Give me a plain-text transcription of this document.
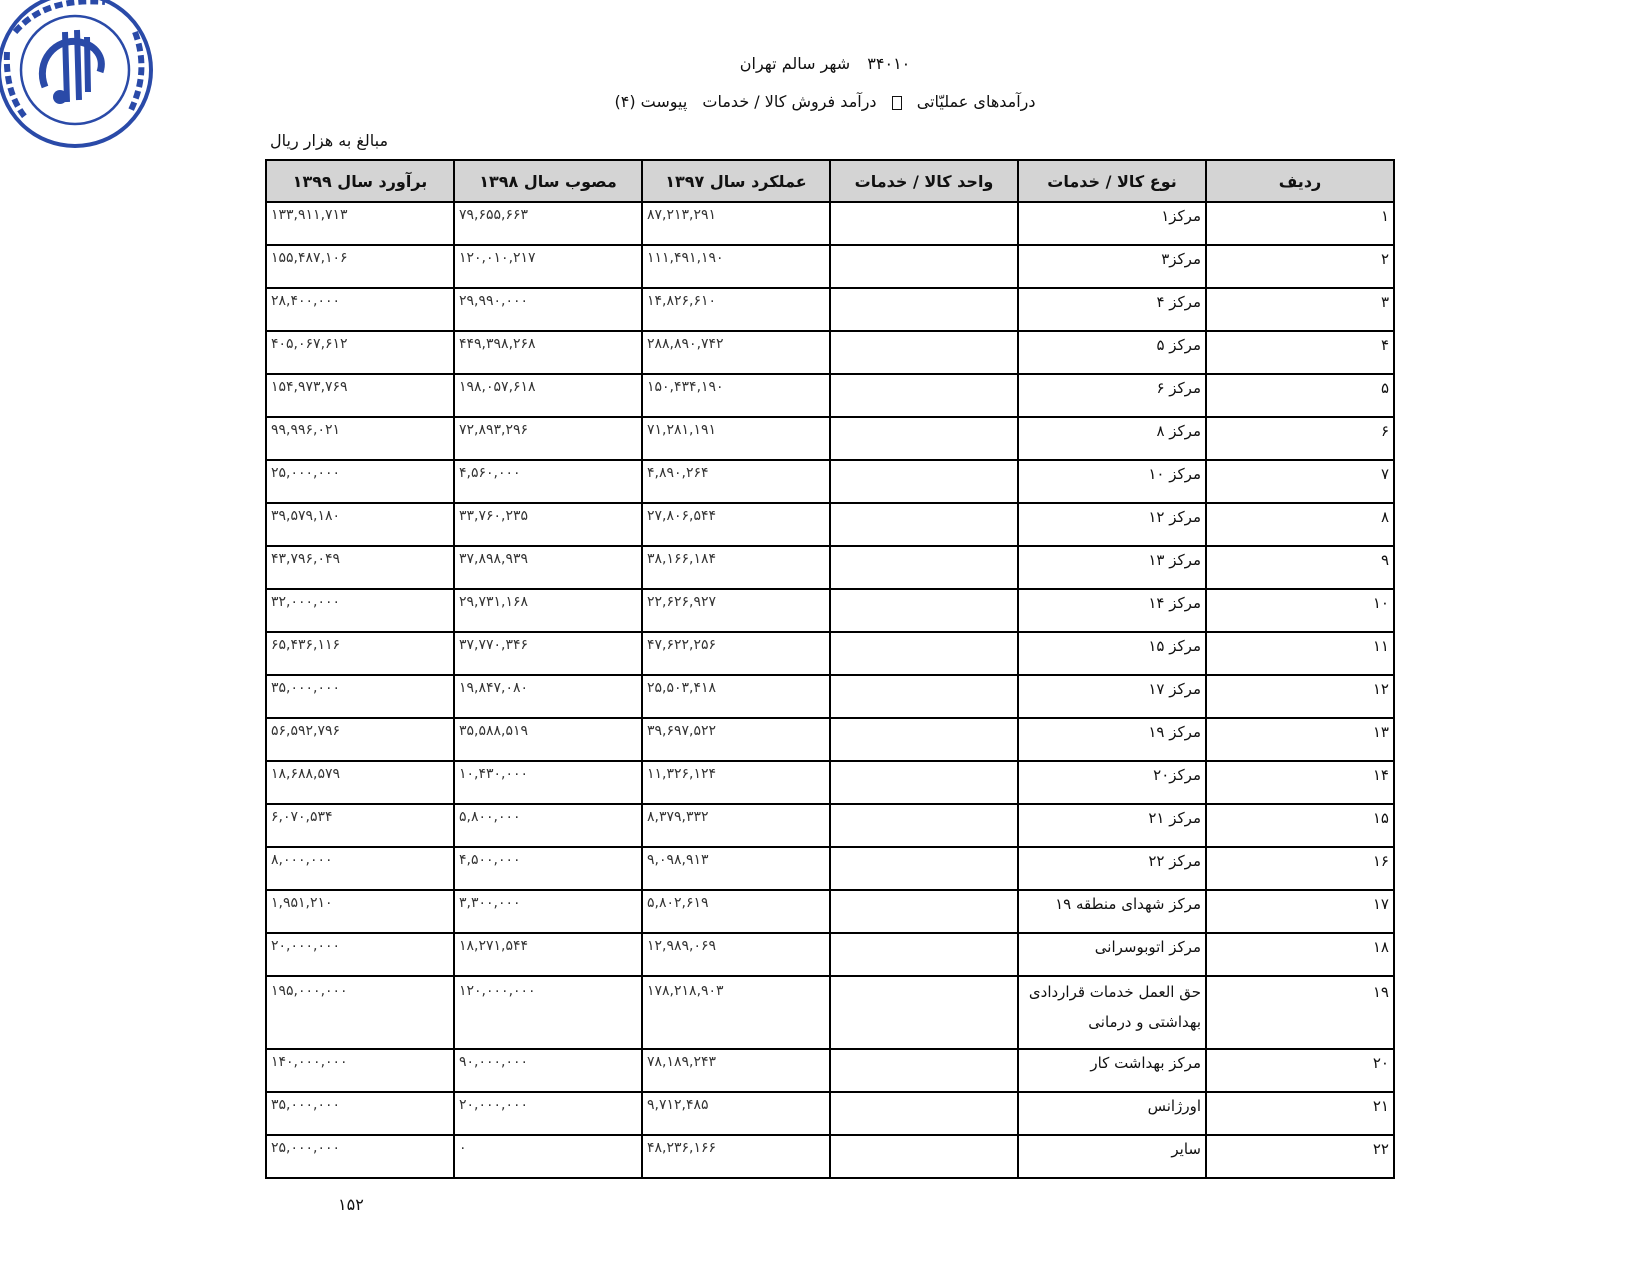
۳۴۰۱۰ شهر سالم تهران
درآمدهای عملیّاتی  درآمد فروش کالا / خدمات پیوست (۴)
مبالغ به هزار ریال
ردیف	نوع کالا / خدمات	واحد کالا / خدمات	عملکرد سال ۱۳۹۷	مصوب سال ۱۳۹۸	برآورد سال ۱۳۹۹
۱	مرکز۱		۸۷,۲۱۳,۲۹۱	۷۹,۶۵۵,۶۶۳	۱۳۳,۹۱۱,۷۱۳
۲	مرکز۳		۱۱۱,۴۹۱,۱۹۰	۱۲۰,۰۱۰,۲۱۷	۱۵۵,۴۸۷,۱۰۶
۳	مرکز ۴		۱۴,۸۲۶,۶۱۰	۲۹,۹۹۰,۰۰۰	۲۸,۴۰۰,۰۰۰
۴	مرکز ۵		۲۸۸,۸۹۰,۷۴۲	۴۴۹,۳۹۸,۲۶۸	۴۰۵,۰۶۷,۶۱۲
۵	مرکز ۶		۱۵۰,۴۳۴,۱۹۰	۱۹۸,۰۵۷,۶۱۸	۱۵۴,۹۷۳,۷۶۹
۶	مرکز ۸		۷۱,۲۸۱,۱۹۱	۷۲,۸۹۳,۲۹۶	۹۹,۹۹۶,۰۲۱
۷	مرکز ۱۰		۴,۸۹۰,۲۶۴	۴,۵۶۰,۰۰۰	۲۵,۰۰۰,۰۰۰
۸	مرکز ۱۲		۲۷,۸۰۶,۵۴۴	۳۳,۷۶۰,۲۳۵	۳۹,۵۷۹,۱۸۰
۹	مرکز ۱۳		۳۸,۱۶۶,۱۸۴	۳۷,۸۹۸,۹۳۹	۴۳,۷۹۶,۰۴۹
۱۰	مرکز ۱۴		۲۲,۶۲۶,۹۲۷	۲۹,۷۳۱,۱۶۸	۳۲,۰۰۰,۰۰۰
۱۱	مرکز ۱۵		۴۷,۶۲۲,۲۵۶	۳۷,۷۷۰,۳۴۶	۶۵,۴۳۶,۱۱۶
۱۲	مرکز ۱۷		۲۵,۵۰۳,۴۱۸	۱۹,۸۴۷,۰۸۰	۳۵,۰۰۰,۰۰۰
۱۳	مرکز ۱۹		۳۹,۶۹۷,۵۲۲	۳۵,۵۸۸,۵۱۹	۵۶,۵۹۲,۷۹۶
۱۴	مرکز۲۰		۱۱,۳۲۶,۱۲۴	۱۰,۴۳۰,۰۰۰	۱۸,۶۸۸,۵۷۹
۱۵	مرکز ۲۱		۸,۳۷۹,۳۳۲	۵,۸۰۰,۰۰۰	۶,۰۷۰,۵۳۴
۱۶	مرکز ۲۲		۹,۰۹۸,۹۱۳	۴,۵۰۰,۰۰۰	۸,۰۰۰,۰۰۰
۱۷	مرکز شهدای منطقه ۱۹		۵,۸۰۲,۶۱۹	۳,۳۰۰,۰۰۰	۱,۹۵۱,۲۱۰
۱۸	مرکز اتوبوسرانی		۱۲,۹۸۹,۰۶۹	۱۸,۲۷۱,۵۴۴	۲۰,۰۰۰,۰۰۰
۱۹	حق العمل خدمات قراردادی بهداشتی و درمانی		۱۷۸,۲۱۸,۹۰۳	۱۲۰,۰۰۰,۰۰۰	۱۹۵,۰۰۰,۰۰۰
۲۰	مرکز بهداشت کار		۷۸,۱۸۹,۲۴۳	۹۰,۰۰۰,۰۰۰	۱۴۰,۰۰۰,۰۰۰
۲۱	اورژانس		۹,۷۱۲,۴۸۵	۲۰,۰۰۰,۰۰۰	۳۵,۰۰۰,۰۰۰
۲۲	سایر		۴۸,۲۳۶,۱۶۶	۰	۲۵,۰۰۰,۰۰۰
۱۵۲
